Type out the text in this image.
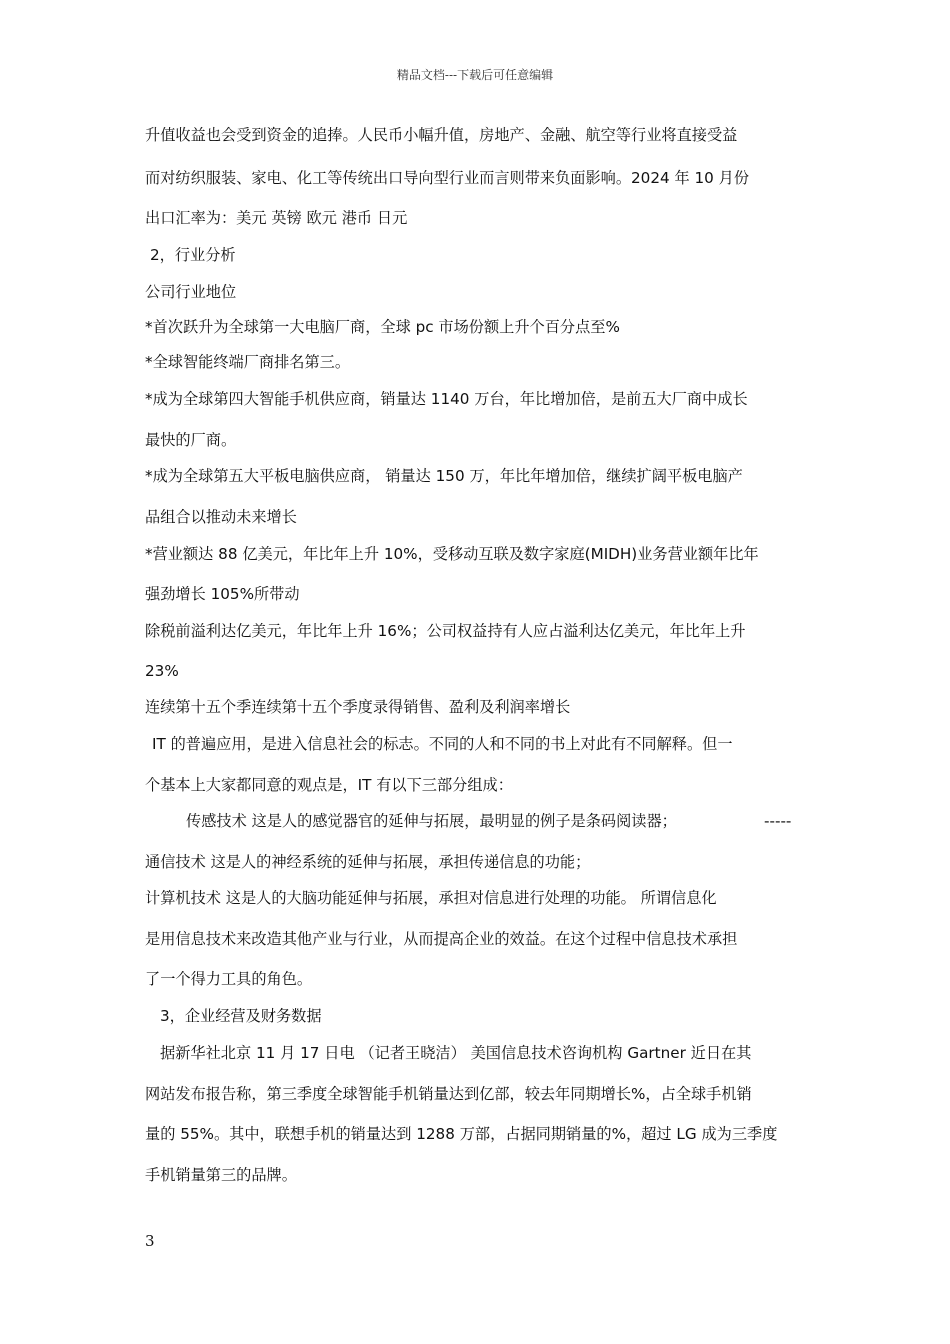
精品文档---下载后可任意编辑
升值收益也会受到资金的追捧。人民币小幅升值，房地产、金融、航空等行业将直接受益
而对纺织服装、家电、化工等传统出口导向型行业而言则带来负面影响。2024 年 10 月份
出口汇率为：美元 英镑 欧元 港币 日元
2，行业分析
公司行业地位
*首次跃升为全球第一大电脑厂商，全球 pc 市场份额上升个百分点至%
*全球智能终端厂商排名第三。
*成为全球第四大智能手机供应商，销量达 1140 万台，年比增加倍，是前五大厂商中成长
最快的厂商。
*成为全球第五大平板电脑供应商， 销量达 150 万，年比年增加倍，继续扩阔平板电脑产
品组合以推动未来增长
*营业额达 88 亿美元，年比年上升 10%，受移动互联及数字家庭(MIDH)业务营业额年比年
强劲增长 105%所带动
除税前溢利达亿美元，年比年上升 16%；公司权益持有人应占溢利达亿美元，年比年上升
23%
连续第十五个季连续第十五个季度录得销售、盈利及利润率增长
IT 的普遍应用，是进入信息社会的标志。不同的人和不同的书上对此有不同解释。但一
个基本上大家都同意的观点是，IT 有以下三部分组成：
传感技术 这是人的感觉器官的延伸与拓展，最明显的例子是条码阅读器；	-----
通信技术 这是人的神经系统的延伸与拓展，承担传递信息的功能；
计算机技术 这是人的大脑功能延伸与拓展，承担对信息进行处理的功能。 所谓信息化
是用信息技术来改造其他产业与行业，从而提高企业的效益。在这个过程中信息技术承担
了一个得力工具的角色。
3，企业经营及财务数据
据新华社北京 11 月 17 日电 （记者王晓洁） 美国信息技术咨询机构 Gartner 近日在其
网站发布报告称，第三季度全球智能手机销量达到亿部，较去年同期增长%，占全球手机销
量的 55%。其中，联想手机的销量达到 1288 万部，占据同期销量的%，超过 LG 成为三季度
手机销量第三的品牌。
3
